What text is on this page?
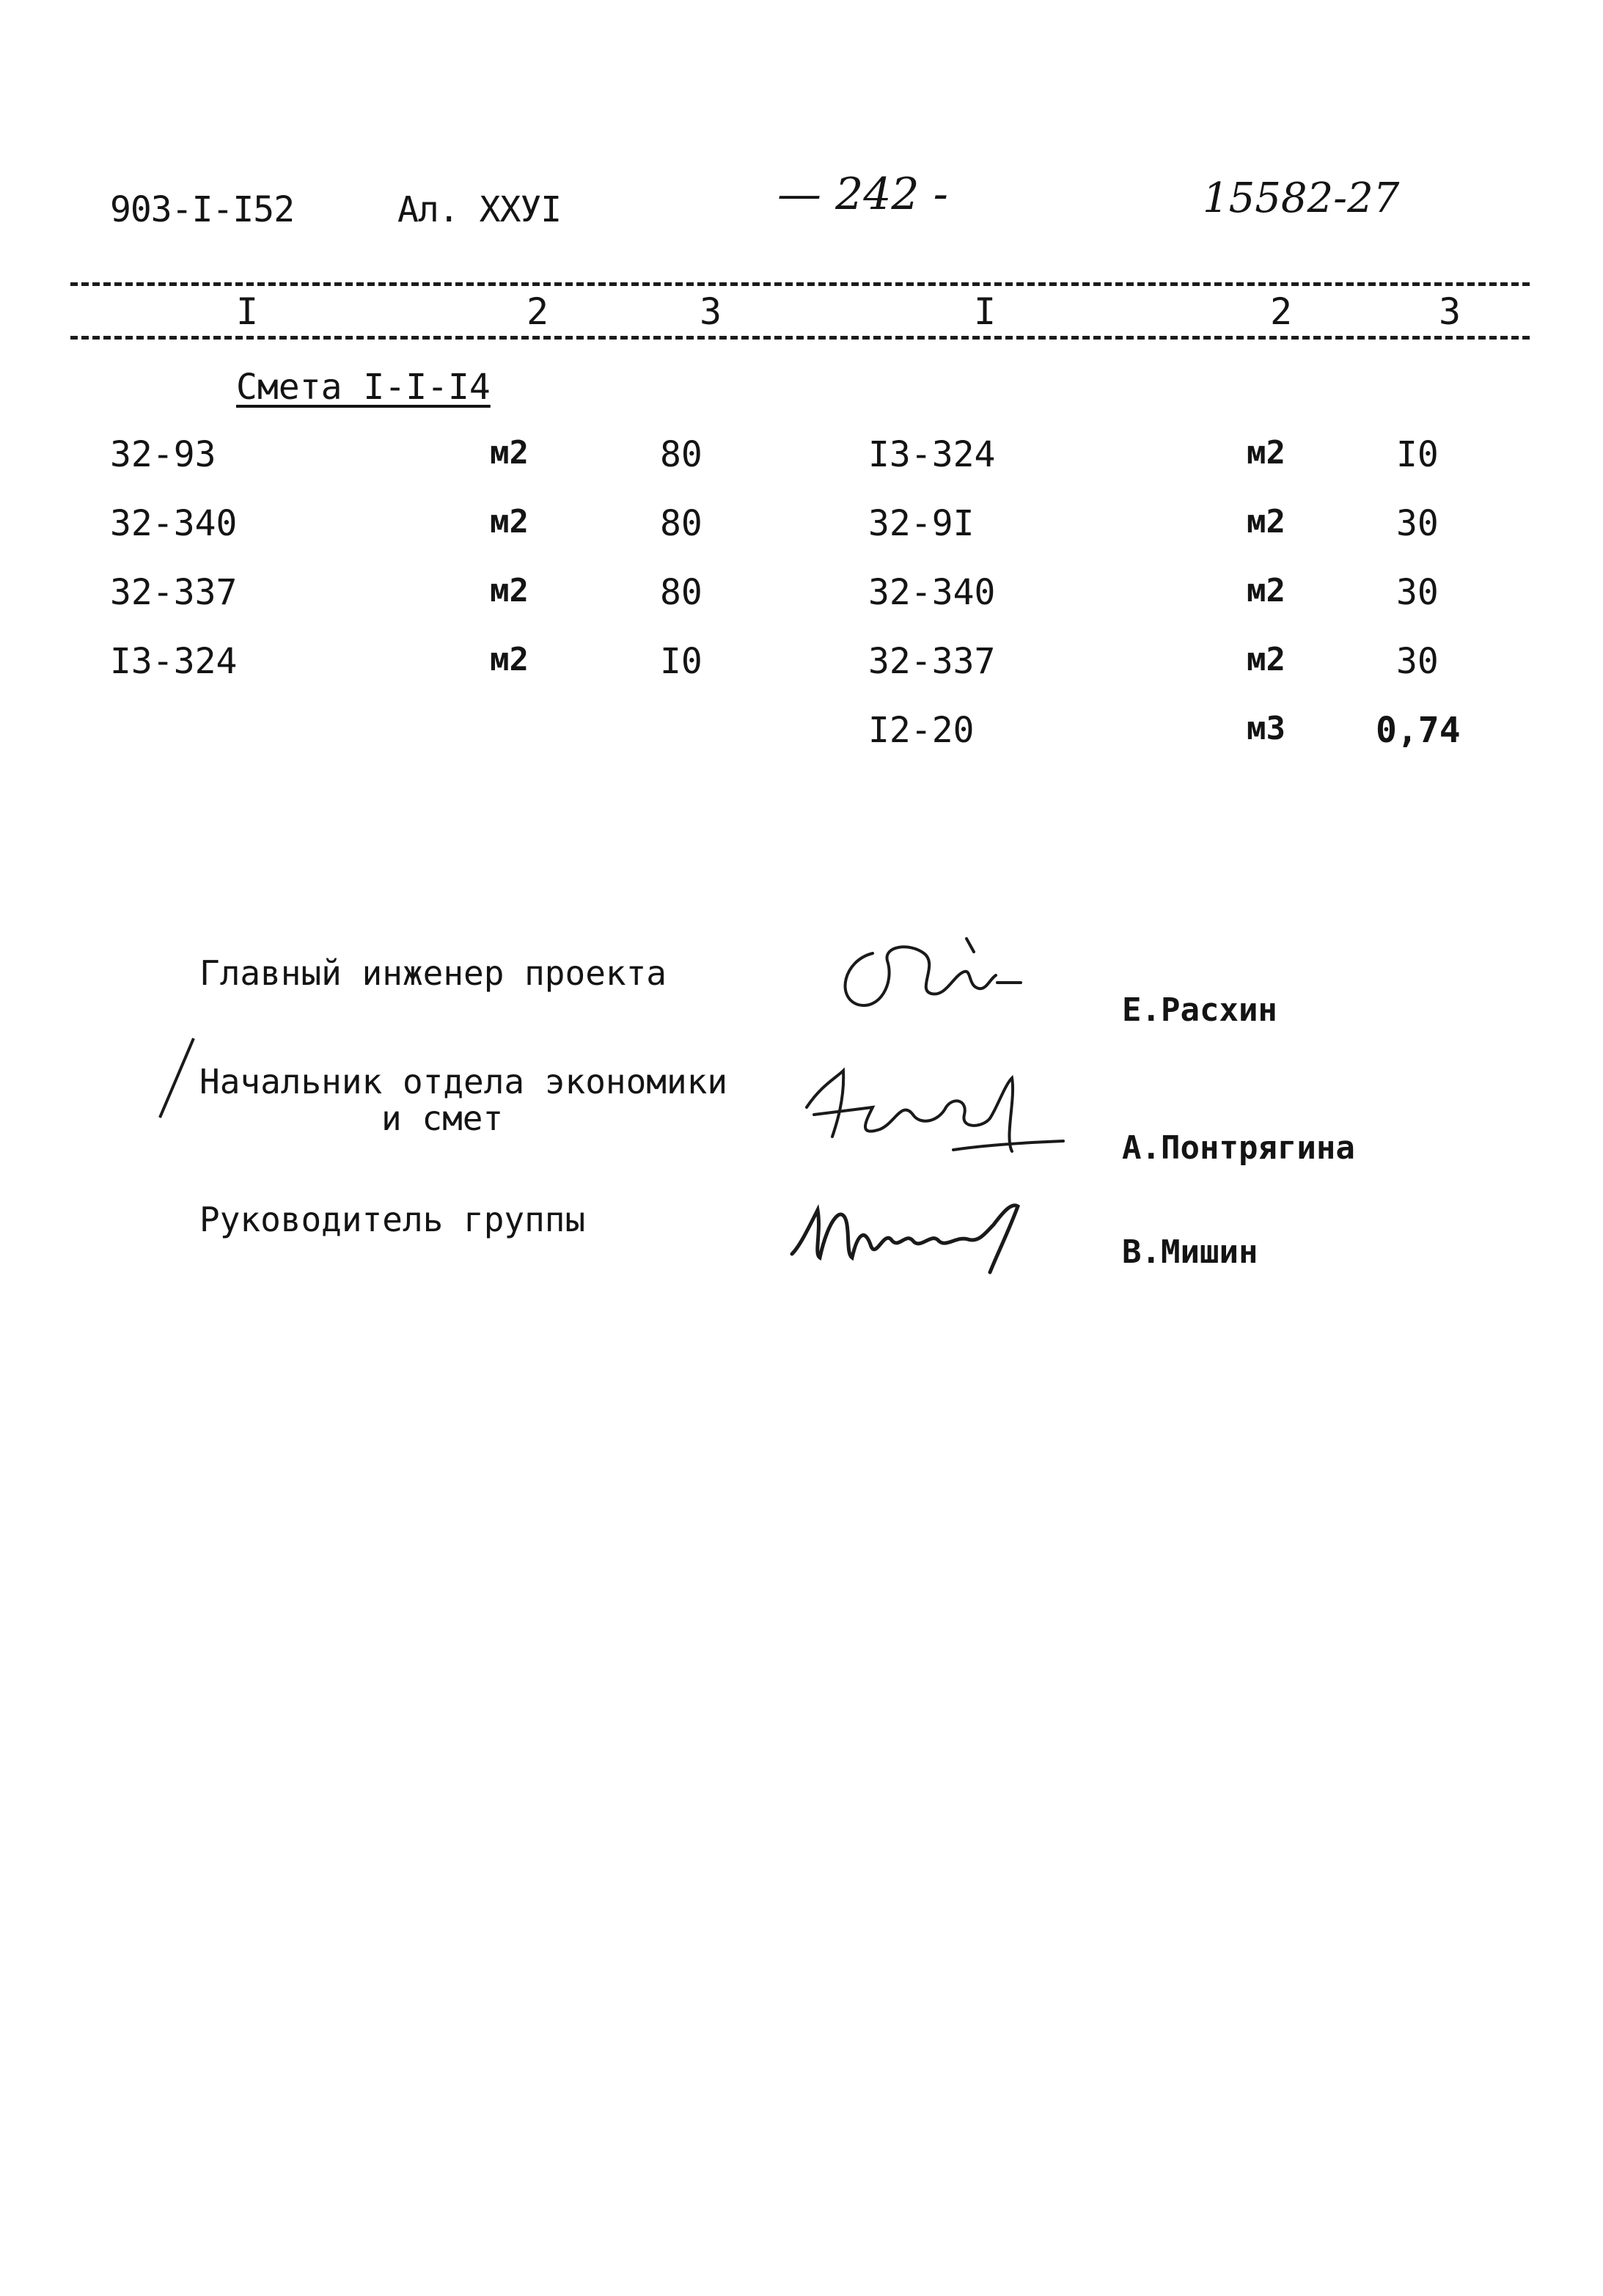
903-I-I52	Ал. XXУI	— 242 -	15582-27
I	2	3	I	2	3
Смета I-I-I4
32-93	м2	80
32-340	м2	80
32-337	м2	80
I3-324	м2	I0
I3-324	м2	I0
32-9I	м2	30
32-340	м2	30
32-337	м2	30
I2-20	м3	0,74
Главный инженер проекта
Е.Расхин
Начальник отдела экономики
и смет
А.Понтрягина
Руководитель группы
В.Мишин
